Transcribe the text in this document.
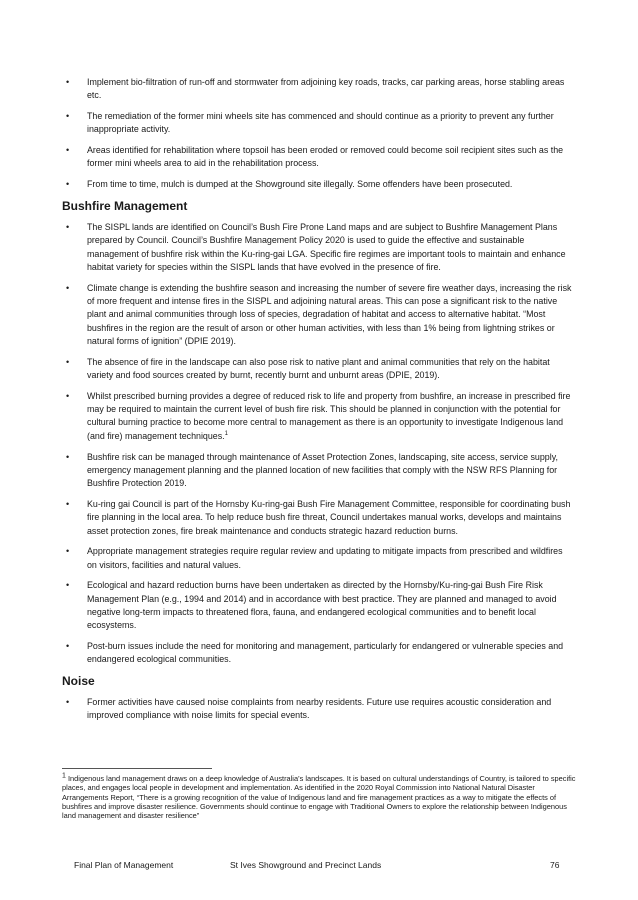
• Implement bio-filtration of run-off and stormwater from adjoining key roads, tracks, car parking areas, horse stabling areas etc.
• The remediation of the former mini wheels site has commenced and should continue as a priority to prevent any further inappropriate activity.
• Areas identified for rehabilitation where topsoil has been eroded or removed could become soil recipient sites such as the former mini wheels area to aid in the rehabilitation process.
• From time to time, mulch is dumped at the Showground site illegally. Some offenders have been prosecuted.
Bushfire Management
• The SISPL lands are identified on Council’s Bush Fire Prone Land maps and are subject to Bushfire Management Plans prepared by Council. Council’s Bushfire Management Policy 2020 is used to guide the effective and sustainable management of bushfire risk within the Ku-ring-gai LGA. Specific fire regimes are important tools to maintain and enhance habitat variety for species within the SISPL lands that have evolved in the presence of fire.
• Climate change is extending the bushfire season and increasing the number of severe fire weather days, increasing the risk of more frequent and intense fires in the SISPL and adjoining natural areas. This can pose a significant risk to the native plant and animal communities through loss of species, degradation of habitat and access to alternative habitat. “Most bushfires in the region are the result of arson or other human activities, with less than 1% being from lightning strikes or natural forms of ignition” (DPIE 2019).
• The absence of fire in the landscape can also pose risk to native plant and animal communities that rely on the habitat variety and food sources created by burnt, recently burnt and unburnt areas (DPIE, 2019).
• Whilst prescribed burning provides a degree of reduced risk to life and property from bushfire, an increase in prescribed fire may be required to maintain the current level of bush fire risk. This should be planned in conjunction with the potential for cultural burning practice to become more central to management as there is an opportunity to investigate Indigenous land (and fire) management techniques.$^1$
• Bushfire risk can be managed through maintenance of Asset Protection Zones, landscaping, site access, service supply, emergency management planning and the planned location of new facilities that comply with the NSW RFS Planning for Bushfire Protection 2019.
• Ku-ring gai Council is part of the Hornsby Ku-ring-gai Bush Fire Management Committee, responsible for coordinating bush fire planning in the local area. To help reduce bush fire threat, Council undertakes manual works, develops and maintains asset protection zones, fire break maintenance and conducts strategic hazard reduction burns.
• Appropriate management strategies require regular review and updating to mitigate impacts from prescribed and wildfires on visitors, facilities and natural values.
• Ecological and hazard reduction burns have been undertaken as directed by the Hornsby/Ku-ring-gai Bush Fire Risk Management Plan (e.g., 1994 and 2014) and in accordance with best practice. They are planned and managed to avoid negative long-term impacts to threatened flora, fauna, and endangered ecological communities and to benefit local ecosystems.
• Post-burn issues include the need for monitoring and management, particularly for endangered or vulnerable species and endangered ecological communities.
Noise
• Former activities have caused noise complaints from nearby residents. Future use requires acoustic consideration and improved compliance with noise limits for special events.
$^1$ Indigenous land management draws on a deep knowledge of Australia’s landscapes. It is based on cultural understandings of Country, is tailored to specific places, and engages local people in development and implementation. As identified in the 2020 Royal Commission into National Natural Disaster Arrangements Report, “There is a growing recognition of the value of Indigenous land and fire management practices as a way to mitigate the effects of bushfires and improve disaster resilience. Governments should continue to engage with Traditional Owners to explore the relationship between Indigenous land management and disaster resilience”
Final Plan of Management	St Ives Showground and Precinct Lands	76
